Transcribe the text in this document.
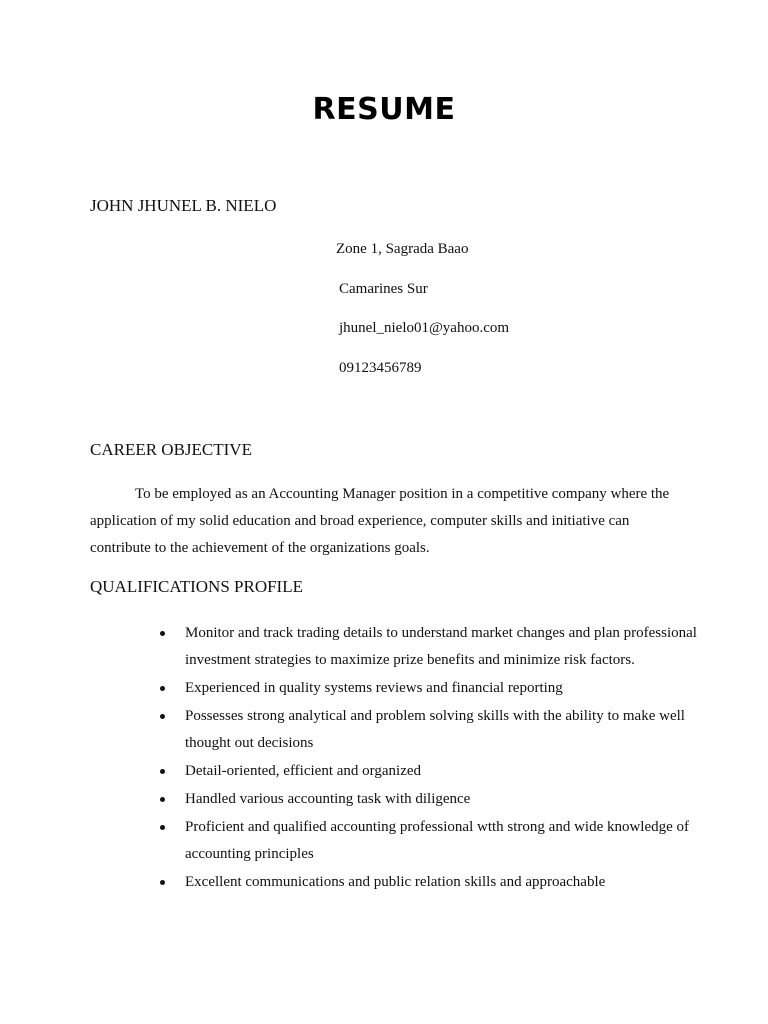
RESUME
JOHN JHUNEL B. NIELO
Zone 1, Sagrada Baao
Camarines Sur
jhunel_nielo01@yahoo.com
09123456789
CAREER OBJECTIVE

To be employed as an Accounting Manager position in a competitive company where the application of my solid education and broad experience, computer skills and initiative can contribute to the achievement of the organizations goals.

QUALIFICATIONS PROFILE
Monitor and track trading details to understand market changes and plan professional investment strategies to maximize prize benefits and minimize risk factors.
Experienced in quality systems reviews and financial reporting
Possesses strong analytical and problem solving skills with the ability to make well thought out decisions
Detail-oriented, efficient and organized
Handled various accounting task with diligence
Proficient and qualified accounting professional wtth strong and wide knowledge of accounting principles
Excellent communications and public relation skills and approachable
